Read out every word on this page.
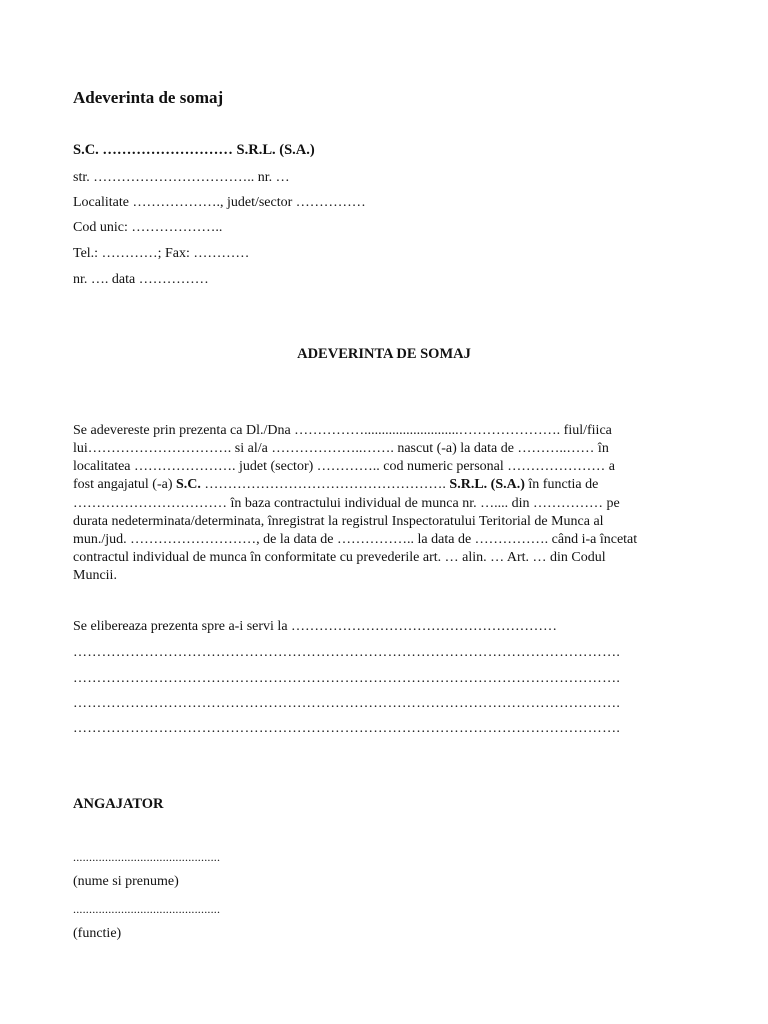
Adeverinta de somaj
S.C. ……………………… S.R.L. (S.A.)
str. …………………………….. nr. …
Localitate ………………., judet/sector ……………
Cod unic: ………………..
Tel.: …………; Fax: …………
nr. …. data ……………
ADEVERINTA DE SOMAJ
Se adevereste prin prezenta ca Dl./Dna ……………...........................…………………. fiul/fiica
lui…………………………. si al/a ………………..……. nascut (-a) la data de ………..…… în
localitatea …………………. judet (sector) ………….. cod numeric personal ………………… a
fost angajatul (-a) S.C. ……………………………………………. S.R.L. (S.A.) în functia de
…………………………… în baza contractului individual de munca nr. ….... din …………… pe
durata nedeterminata/determinata, înregistrat la registrul Inspectoratului Teritorial de Munca al
mun./jud. ………………………, de la data de …………….. la data de ……………. când i-a încetat
contractul individual de munca în conformitate cu prevederile art. … alin. … Art. … din Codul
Muncii.
Se elibereaza prezenta spre a-i servi la …………………………………………………
…………………………………………………………………………………………………….
…………………………………………………………………………………………………….
…………………………………………………………………………………………………….
…………………………………………………………………………………………………….
ANGAJATOR
..............................................
(nume si prenume)
..............................................
(functie)
